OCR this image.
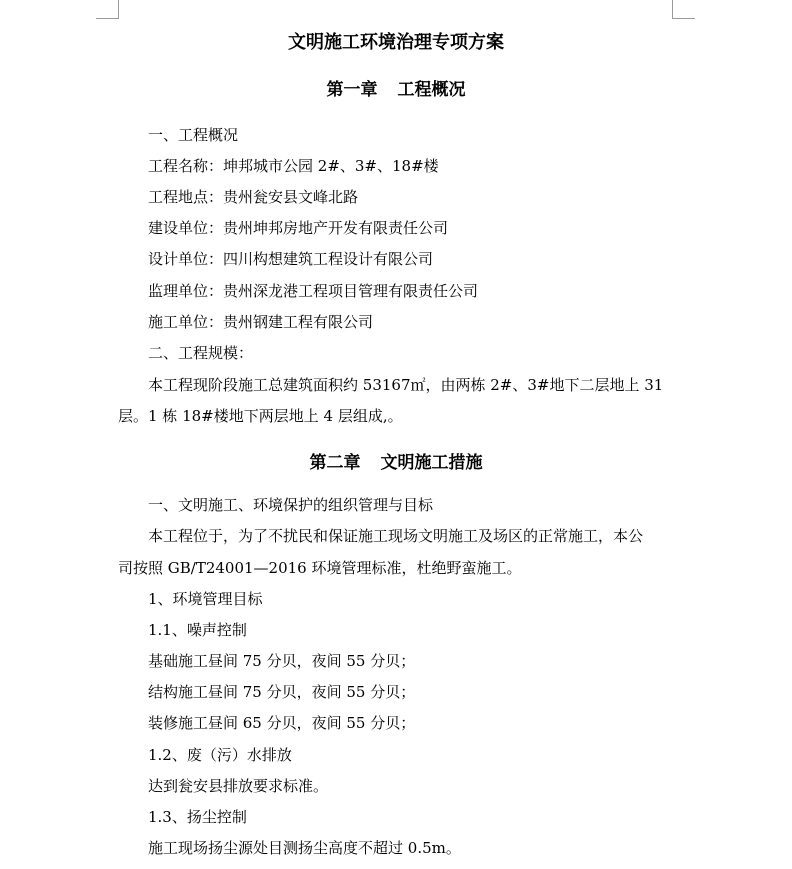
文明施工环境治理专项方案
第一章 工程概况
一、工程概况
工程名称：坤邦城市公园 2#、3#、18#楼
工程地点：贵州瓮安县文峰北路
建设单位：贵州坤邦房地产开发有限责任公司
设计单位：四川构想建筑工程设计有限公司
监理单位：贵州深龙港工程项目管理有限责任公司
施工单位：贵州钢建工程有限公司
二、工程规模：
本工程现阶段施工总建筑面积约 53167㎡，由两栋 2#、3#地下二层地上 31
层。1 栋 18#楼地下两层地上 4 层组成,。
第二章 文明施工措施
一、文明施工、环境保护的组织管理与目标
本工程位于，为了不扰民和保证施工现场文明施工及场区的正常施工，本公
司按照 GB/T24001—2016 环境管理标准，杜绝野蛮施工。
1、环境管理目标
1.1、噪声控制
基础施工昼间 75 分贝，夜间 55 分贝；
结构施工昼间 75 分贝，夜间 55 分贝；
装修施工昼间 65 分贝，夜间 55 分贝；
1.2、废（污）水排放
达到瓮安县排放要求标准。
1.3、扬尘控制
施工现场扬尘源处目测扬尘高度不超过 0.5m。
